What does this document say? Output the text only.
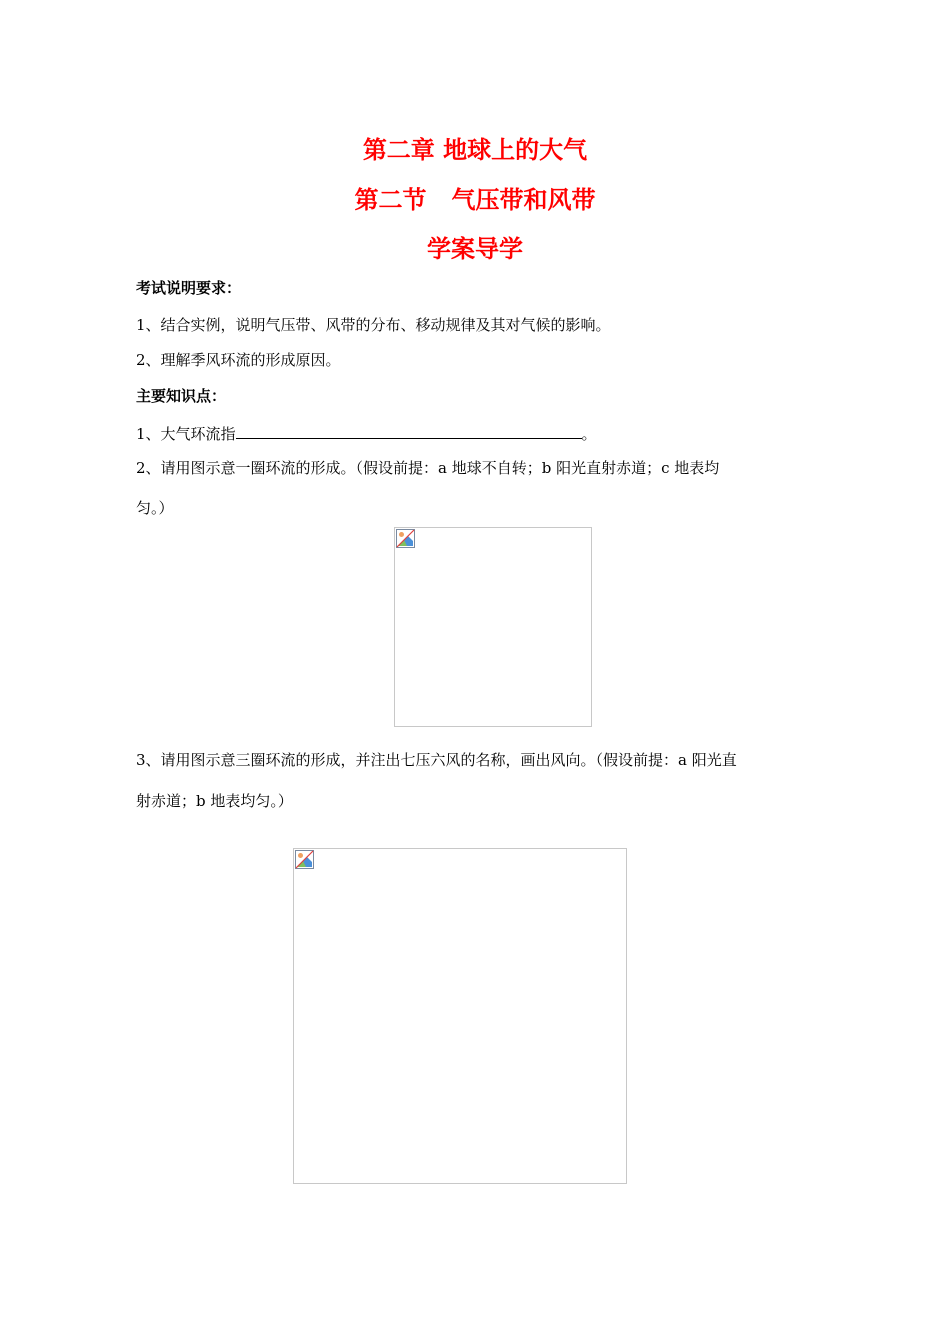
第二章 地球上的大气
第二节   气压带和风带
学案导学
考试说明要求：
1、结合实例，说明气压带、风带的分布、移动规律及其对气候的影响。
2、理解季风环流的形成原因。
主要知识点：
1、大气环流指	。
2、请用图示意一圈环流的形成。（假设前提：a 地球不自转；b 阳光直射赤道；c 地表均
匀。）
3、请用图示意三圈环流的形成，并注出七压六风的名称，画出风向。（假设前提：a 阳光直
射赤道；b 地表均匀。）
